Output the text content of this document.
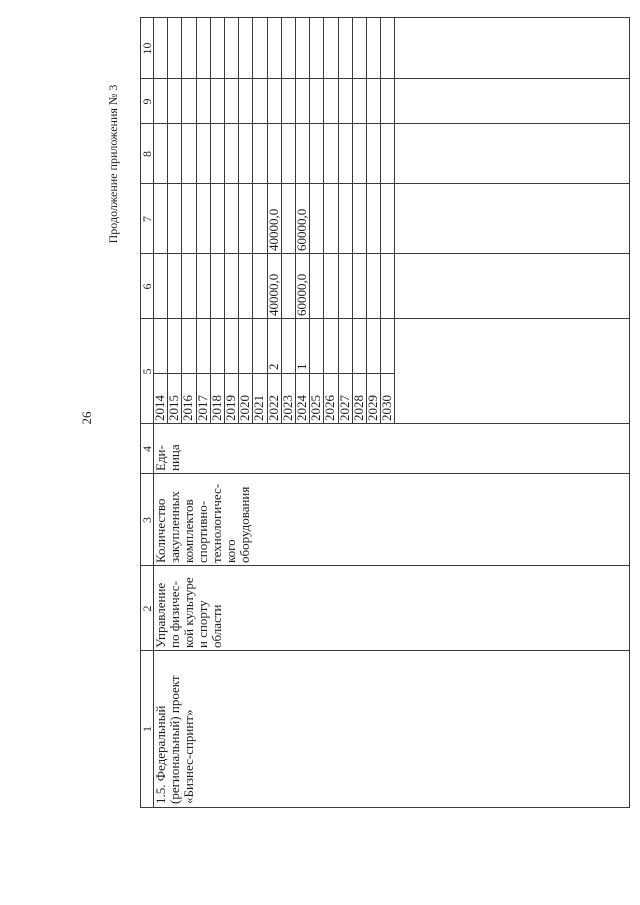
26
Продолжение приложения № 3
1
2
3
4
5
6
7
8
9
10
1.5. Федеральный (региональный) проект «Бизнес-спринт»
Управление по физичес- кой культуре и спорту области
Количество закупленных комплектов спортивно- технологичес- кого оборудования
Еди- ница
2014 2015 2016 2017 2018 2019 2020 2021 2022
2
40000,0
40000,0
2023 2024
1
60000,0
60000,0
2025 2026 2027 2028 2029 2030
